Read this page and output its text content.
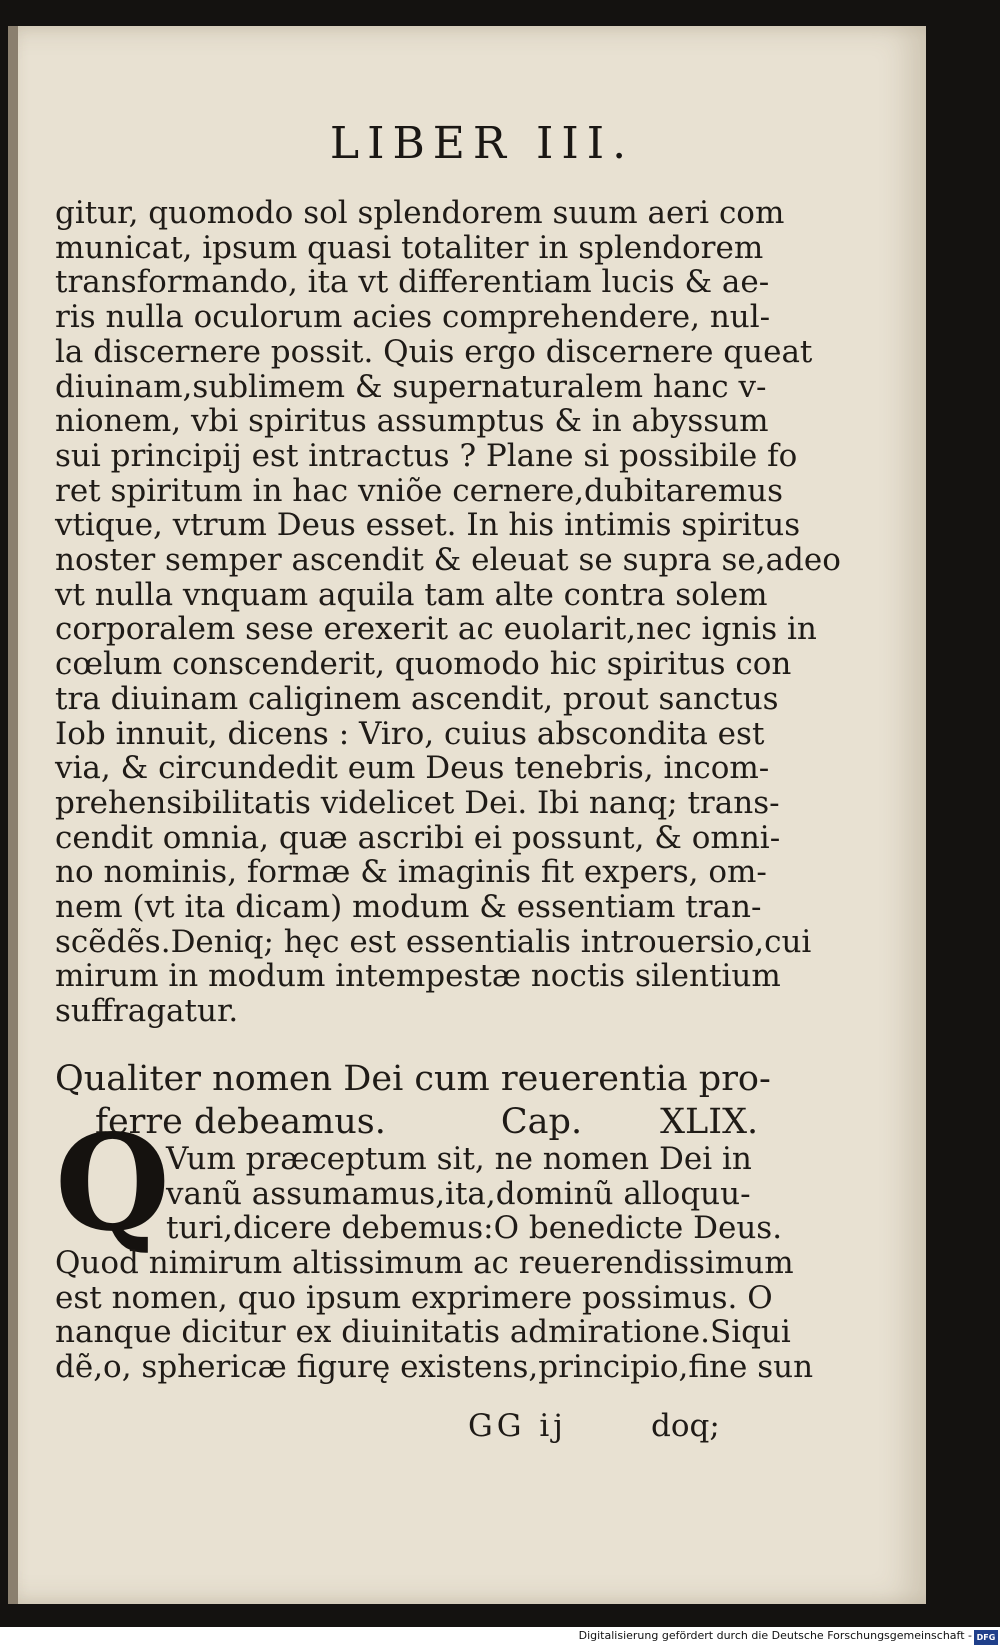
LIBER III.
gitur, quomodo sol splendorem suum aeri com
municat, ipsum quasi totaliter in splendorem
transformando, ita vt differentiam lucis & ae-
ris nulla oculorum acies comprehendere, nul-
la discernere possit. Quis ergo discernere queat
diuinam,sublimem & supernaturalem hanc v-
nionem, vbi spiritus assumptus & in abyssum
sui principij est intractus ? Plane si possibile fo
ret spiritum in hac vniõe cernere,dubitaremus
vtique, vtrum Deus esset. In his intimis spiritus
noster semper ascendit & eleuat se supra se,adeo
vt nulla vnquam aquila tam alte contra solem
corporalem sese erexerit ac euolarit,nec ignis in
cœlum conscenderit, quomodo hic spiritus con
tra diuinam caliginem ascendit, prout sanctus
Iob innuit, dicens : Viro, cuius abscondita est
via, & circundedit eum Deus tenebris, incom-
prehensibilitatis videlicet Dei. Ibi nanq; trans-
cendit omnia, quæ ascribi ei possunt, & omni-
no nominis, formæ & imaginis fit expers, om-
nem (vt ita dicam) modum & essentiam tran-
scẽdẽs.Deniq; hęc est essentialis introuersio,cui
mirum in modum intempestæ noctis silentium
suffragatur.
Qualiter nomen Dei cum reuerentia pro-
ferre debeamus.	Cap. XLIX.
Q
Vum præceptum sit, ne nomen Dei in
vanũ assumamus,ita,dominũ alloquu-
turi,dicere debemus:O benedicte Deus.
Quod nimirum altissimum ac reuerendissimum
est nomen, quo ipsum exprimere possimus. O
nanque dicitur ex diuinitatis admiratione.Siqui
dẽ,o, sphericæ figurę existens,principio,fine sun
GG ij	doq;
Digitalisierung gefördert durch die Deutsche Forschungsgemeinschaft - DFG
